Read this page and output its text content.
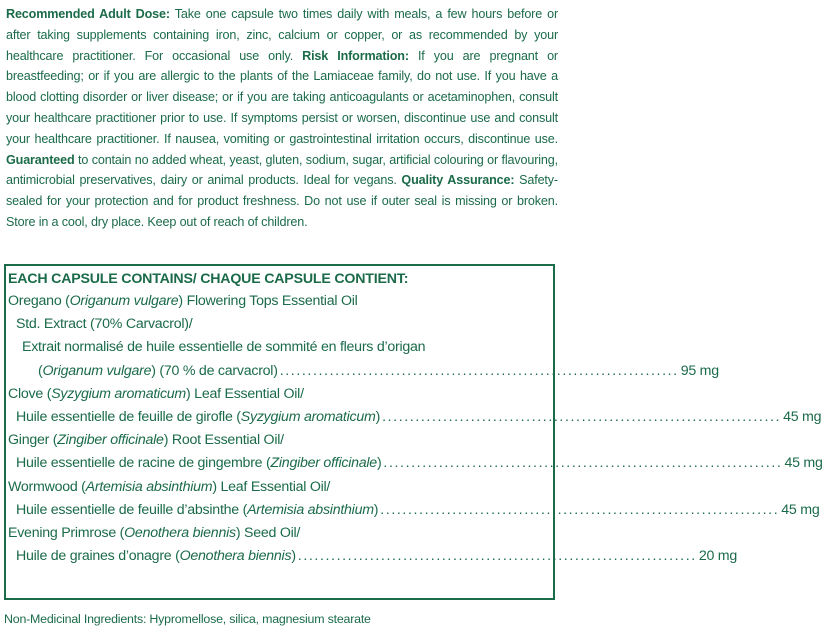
Recommended Adult Dose: Take one capsule two times daily with meals, a few hours before or after taking supplements containing iron, zinc, calcium or copper, or as recommended by your healthcare practitioner. For occasional use only. Risk Information: If you are pregnant or breastfeeding; or if you are allergic to the plants of the Lamiaceae family, do not use. If you have a blood clotting disorder or liver disease; or if you are taking anticoagulants or acetaminophen, consult your healthcare practitioner prior to use. If symptoms persist or worsen, discontinue use and consult your healthcare practitioner. If nausea, vomiting or gastrointestinal irritation occurs, discontinue use. Guaranteed to contain no added wheat, yeast, gluten, sodium, sugar, artificial colouring or flavouring, antimicrobial preservatives, dairy or animal products. Ideal for vegans. Quality Assurance: Safety-sealed for your protection and for product freshness. Do not use if outer seal is missing or broken. Store in a cool, dry place. Keep out of reach of children.
EACH CAPSULE CONTAINS/ CHAQUE CAPSULE CONTIENT:
Oregano (Origanum vulgare) Flowering Tops Essential Oil
Std. Extract (70% Carvacrol)/
Extrait normalisé de huile essentielle de sommité en fleurs d’origan
(Origanum vulgare) (70 % de carvacrol) ........................................................................ 95 mg
Clove (Syzygium aromaticum) Leaf Essential Oil/
Huile essentielle de feuille de girofle (Syzygium aromaticum) ........................................................................ 45 mg
Ginger (Zingiber officinale) Root Essential Oil/
Huile essentielle de racine de gingembre (Zingiber officinale) ........................................................................ 45 mg
Wormwood (Artemisia absinthium) Leaf Essential Oil/
Huile essentielle de feuille d’absinthe (Artemisia absinthium) ........................................................................ 45 mg
Evening Primrose (Oenothera biennis) Seed Oil/
Huile de graines d’onagre (Oenothera biennis) ........................................................................ 20 mg
Non-Medicinal Ingredients: Hypromellose, silica, magnesium stearate
